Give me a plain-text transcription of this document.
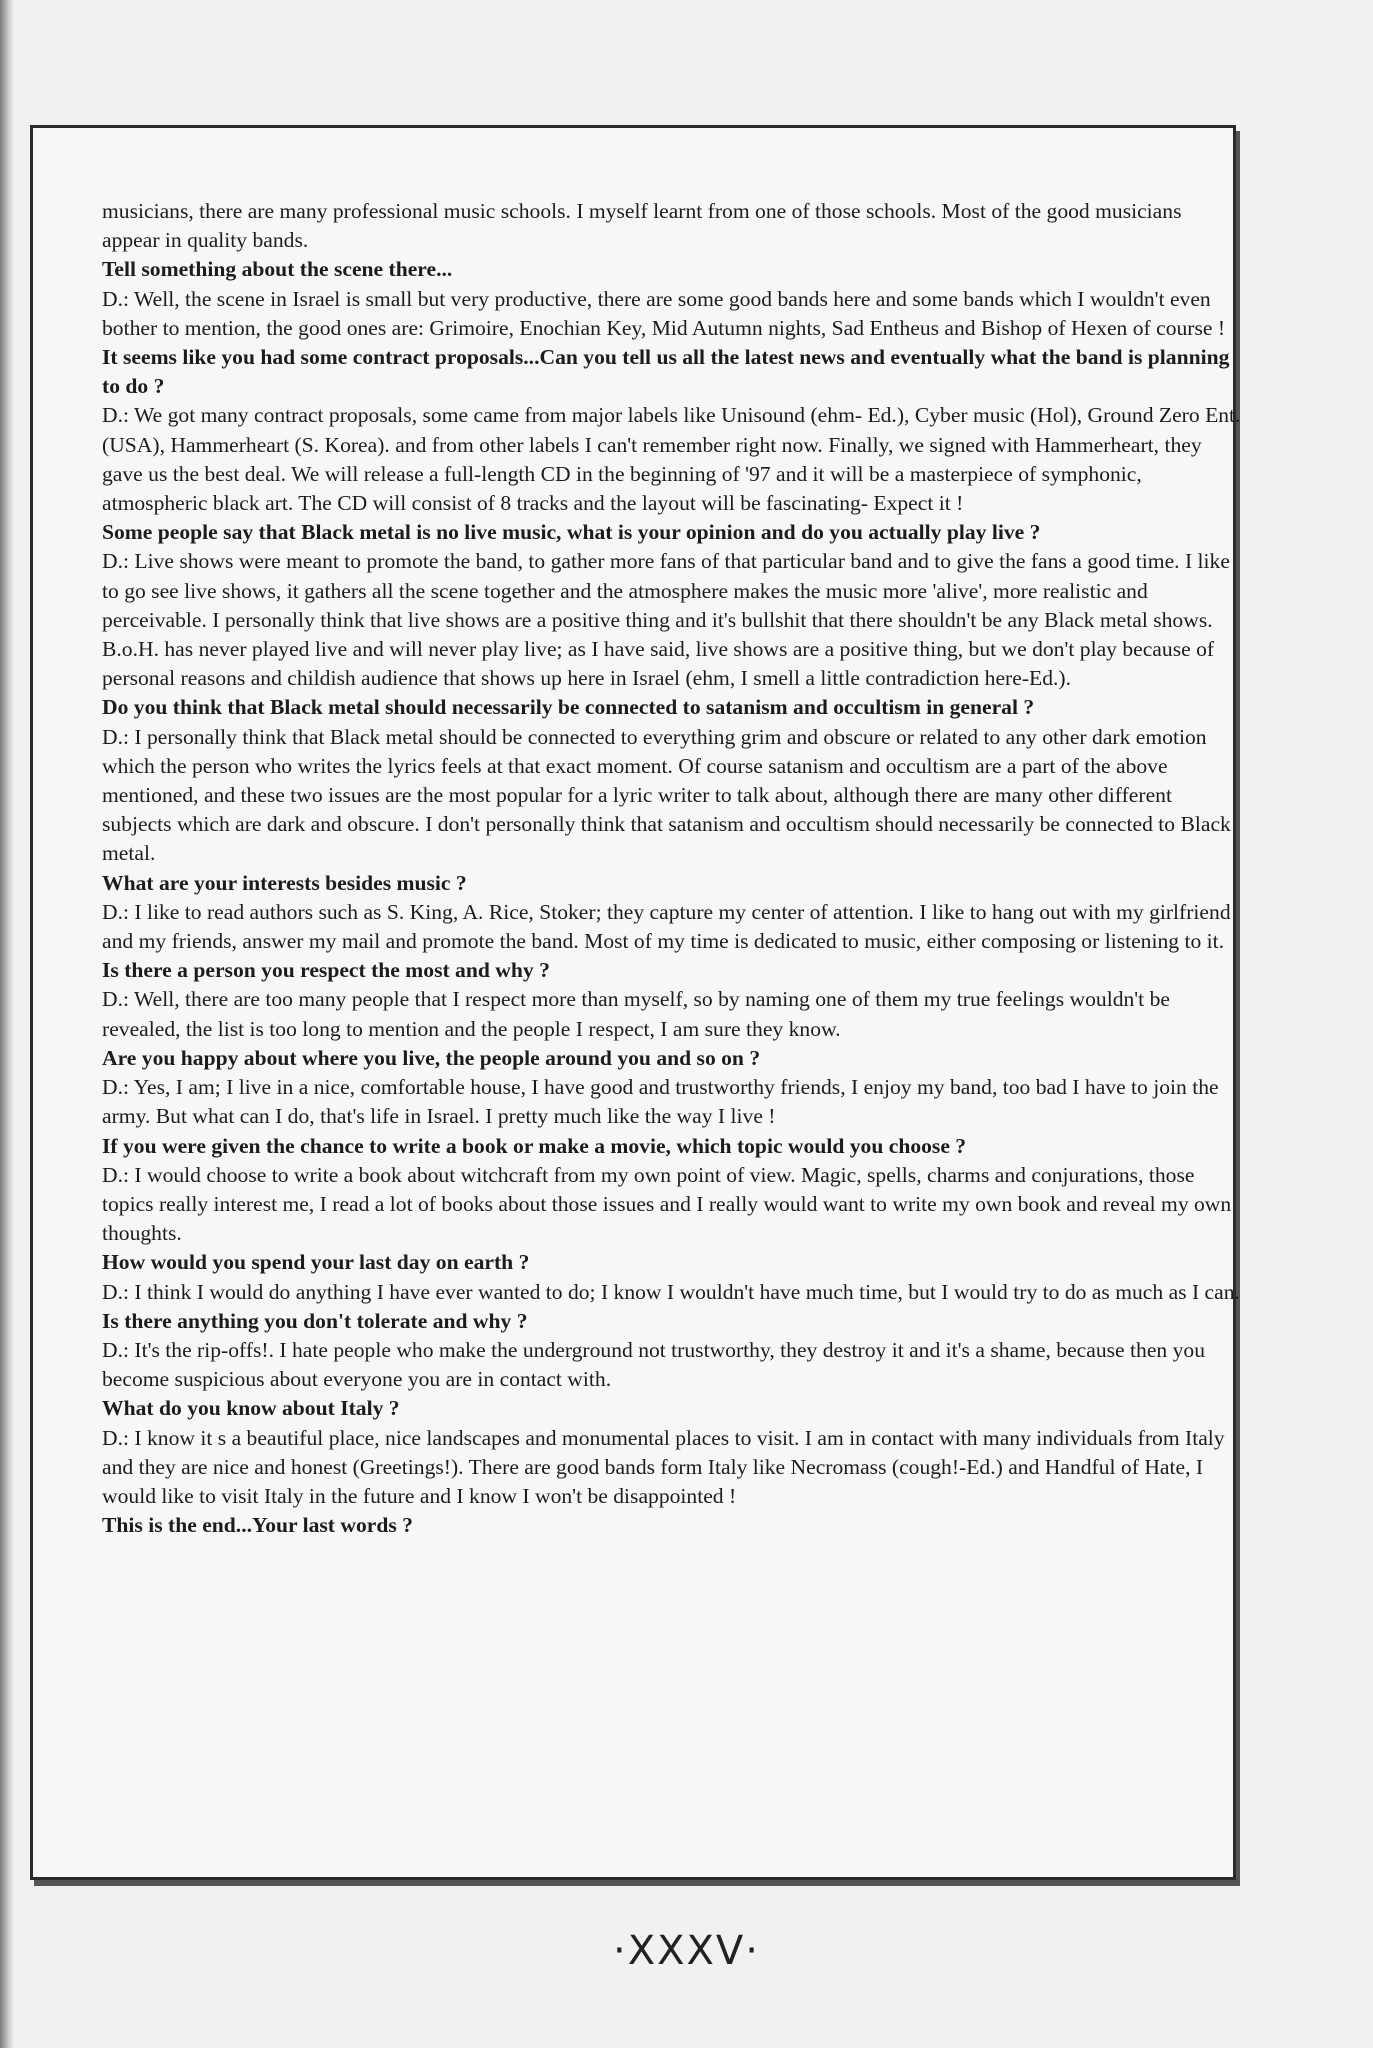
musicians, there are many professional music schools. I myself learnt from one of those schools. Most of the good musicians appear in quality bands.

Tell something about the scene there...

D.: Well, the scene in Israel is small but very productive, there are some good bands here and some bands which I wouldn't even bother to mention, the good ones are: Grimoire, Enochian Key, Mid Autumn nights, Sad Entheus and Bishop of Hexen of course !

It seems like you had some contract proposals...Can you tell us all the latest news and eventually what the band is planning to do ?

D.: We got many contract proposals, some came from major labels like Unisound (ehm- Ed.), Cyber music (Hol), Ground Zero Ent. (USA), Hammerheart (S. Korea). and from other labels I can't remember right now. Finally, we signed with Hammerheart, they gave us the best deal. We will release a full-length CD in the beginning of '97 and it will be a masterpiece of symphonic, atmospheric black art. The CD will consist of 8 tracks and the layout will be fascinating- Expect it !

Some people say that Black metal is no live music, what is your opinion and do you actually play live ?

D.: Live shows were meant to promote the band, to gather more fans of that particular band and to give the fans a good time. I like to go see live shows, it gathers all the scene together and the atmosphere makes the music more 'alive', more realistic and perceivable. I personally think that live shows are a positive thing and it's bullshit that there shouldn't be any Black metal shows. B.o.H. has never played live and will never play live; as I have said, live shows are a positive thing, but we don't play because of personal reasons and childish audience that shows up here in Israel (ehm, I smell a little contradiction here-Ed.).

Do you think that Black metal should necessarily be connected to satanism and occultism in general ?

D.: I personally think that Black metal should be connected to everything grim and obscure or related to any other dark emotion which the person who writes the lyrics feels at that exact moment. Of course satanism and occultism are a part of the above mentioned, and these two issues are the most popular for a lyric writer to talk about, although there are many other different subjects which are dark and obscure. I don't personally think that satanism and occultism should necessarily be connected to Black metal.

What are your interests besides music ?

D.: I like to read authors such as S. King, A. Rice, Stoker; they capture my center of attention. I like to hang out with my girlfriend and my friends, answer my mail and promote the band. Most of my time is dedicated to music, either composing or listening to it.

Is there a person you respect the most and why ?

D.: Well, there are too many people that I respect more than myself, so by naming one of them my true feelings wouldn't be revealed, the list is too long to mention and the people I respect, I am sure they know.

Are you happy about where you live, the people around you and so on ?

D.: Yes, I am; I live in a nice, comfortable house, I have good and trustworthy friends, I enjoy my band, too bad I have to join the army. But what can I do, that's life in Israel. I pretty much like the way I live !

If you were given the chance to write a book or make a movie, which topic would you choose ?

D.: I would choose to write a book about witchcraft from my own point of view. Magic, spells, charms and conjurations, those topics really interest me, I read a lot of books about those issues and I really would want to write my own book and reveal my own thoughts.

How would you spend your last day on earth ?

D.: I think I would do anything I have ever wanted to do; I know I wouldn't have much time, but I would try to do as much as I can.

Is there anything you don't tolerate and why ?

D.: It's the rip-offs!. I hate people who make the underground not trustworthy, they destroy it and it's a shame, because then you become suspicious about everyone you are in contact with.

What do you know about Italy ?

D.: I know it s a beautiful place, nice landscapes and monumental places to visit. I am in contact with many individuals from Italy and they are nice and honest (Greetings!). There are good bands form Italy like Necromass (cough!-Ed.) and Handful of Hate, I would like to visit Italy in the future and I know I won't be disappointed !

This is the end...Your last words ?

·XXXV·
